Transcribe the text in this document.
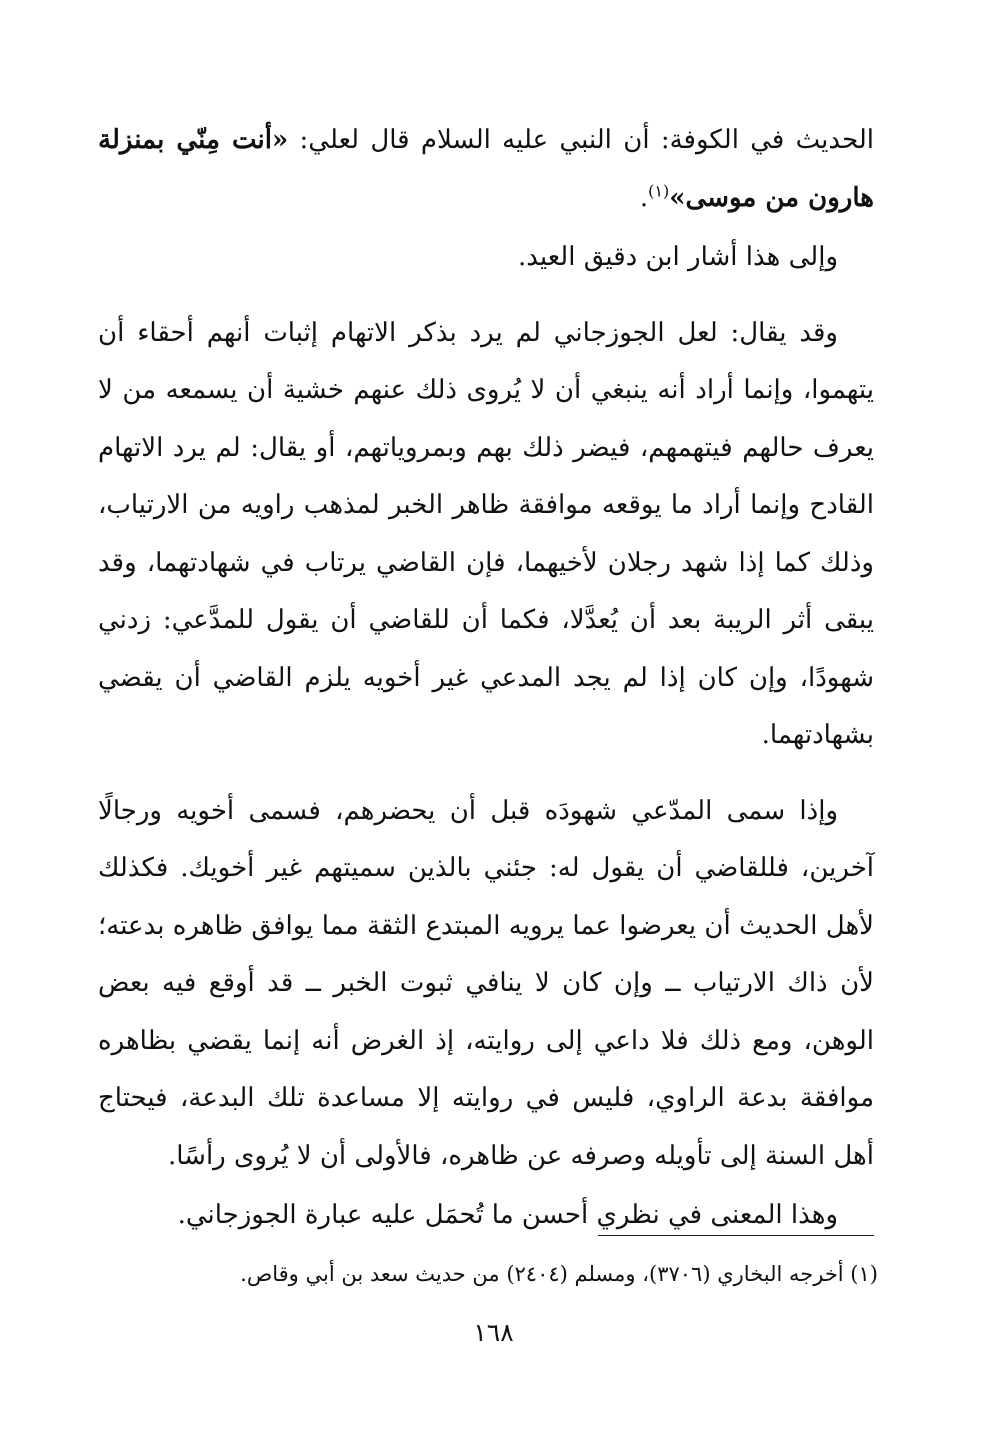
الحديث في الكوفة: أن النبي عليه السلام قال لعلي: «أنت مِنّي بمنزلة هارون من موسى»$^{(١)}$.

وإلى هذا أشار ابن دقيق العيد.

وقد يقال: لعل الجوزجاني لم يرد بذكر الاتهام إثبات أنهم أحقاء أن يتهموا، وإنما أراد أنه ينبغي أن لا يُروى ذلك عنهم خشية أن يسمعه من لا يعرف حالهم فيتهمهم، فيضر ذلك بهم وبمروياتهم، أو يقال: لم يرد الاتهام القادح وإنما أراد ما يوقعه موافقة ظاهر الخبر لمذهب راويه من الارتياب، وذلك كما إذا شهد رجلان لأخيهما، فإن القاضي يرتاب في شهادتهما، وقد يبقى أثر الريبة بعد أن يُعدَّلا، فكما أن للقاضي أن يقول للمدَّعي: زدني شهودًا، وإن كان إذا لم يجد المدعي غير أخويه يلزم القاضي أن يقضي بشهادتهما.

وإذا سمى المدّعي شهودَه قبل أن يحضرهم، فسمى أخويه ورجالًا آخرين، فللقاضي أن يقول له: جئني بالذين سميتهم غير أخويك. فكذلك لأهل الحديث أن يعرضوا عما يرويه المبتدع الثقة مما يوافق ظاهره بدعته؛ لأن ذاك الارتياب ــ وإن كان لا ينافي ثبوت الخبر ــ قد أوقع فيه بعض الوهن، ومع ذلك فلا داعي إلى روايته، إذ الغرض أنه إنما يقضي بظاهره موافقة بدعة الراوي، فليس في روايته إلا مساعدة تلك البدعة، فيحتاج أهل السنة إلى تأويله وصرفه عن ظاهره، فالأولى أن لا يُروى رأسًا.

وهذا المعنى في نظري أحسن ما تُحمَل عليه عبارة الجوزجاني.

(١) أخرجه البخاري (٣٧٠٦)، ومسلم (٢٤٠٤) من حديث سعد بن أبي وقاص.
١٦٨
